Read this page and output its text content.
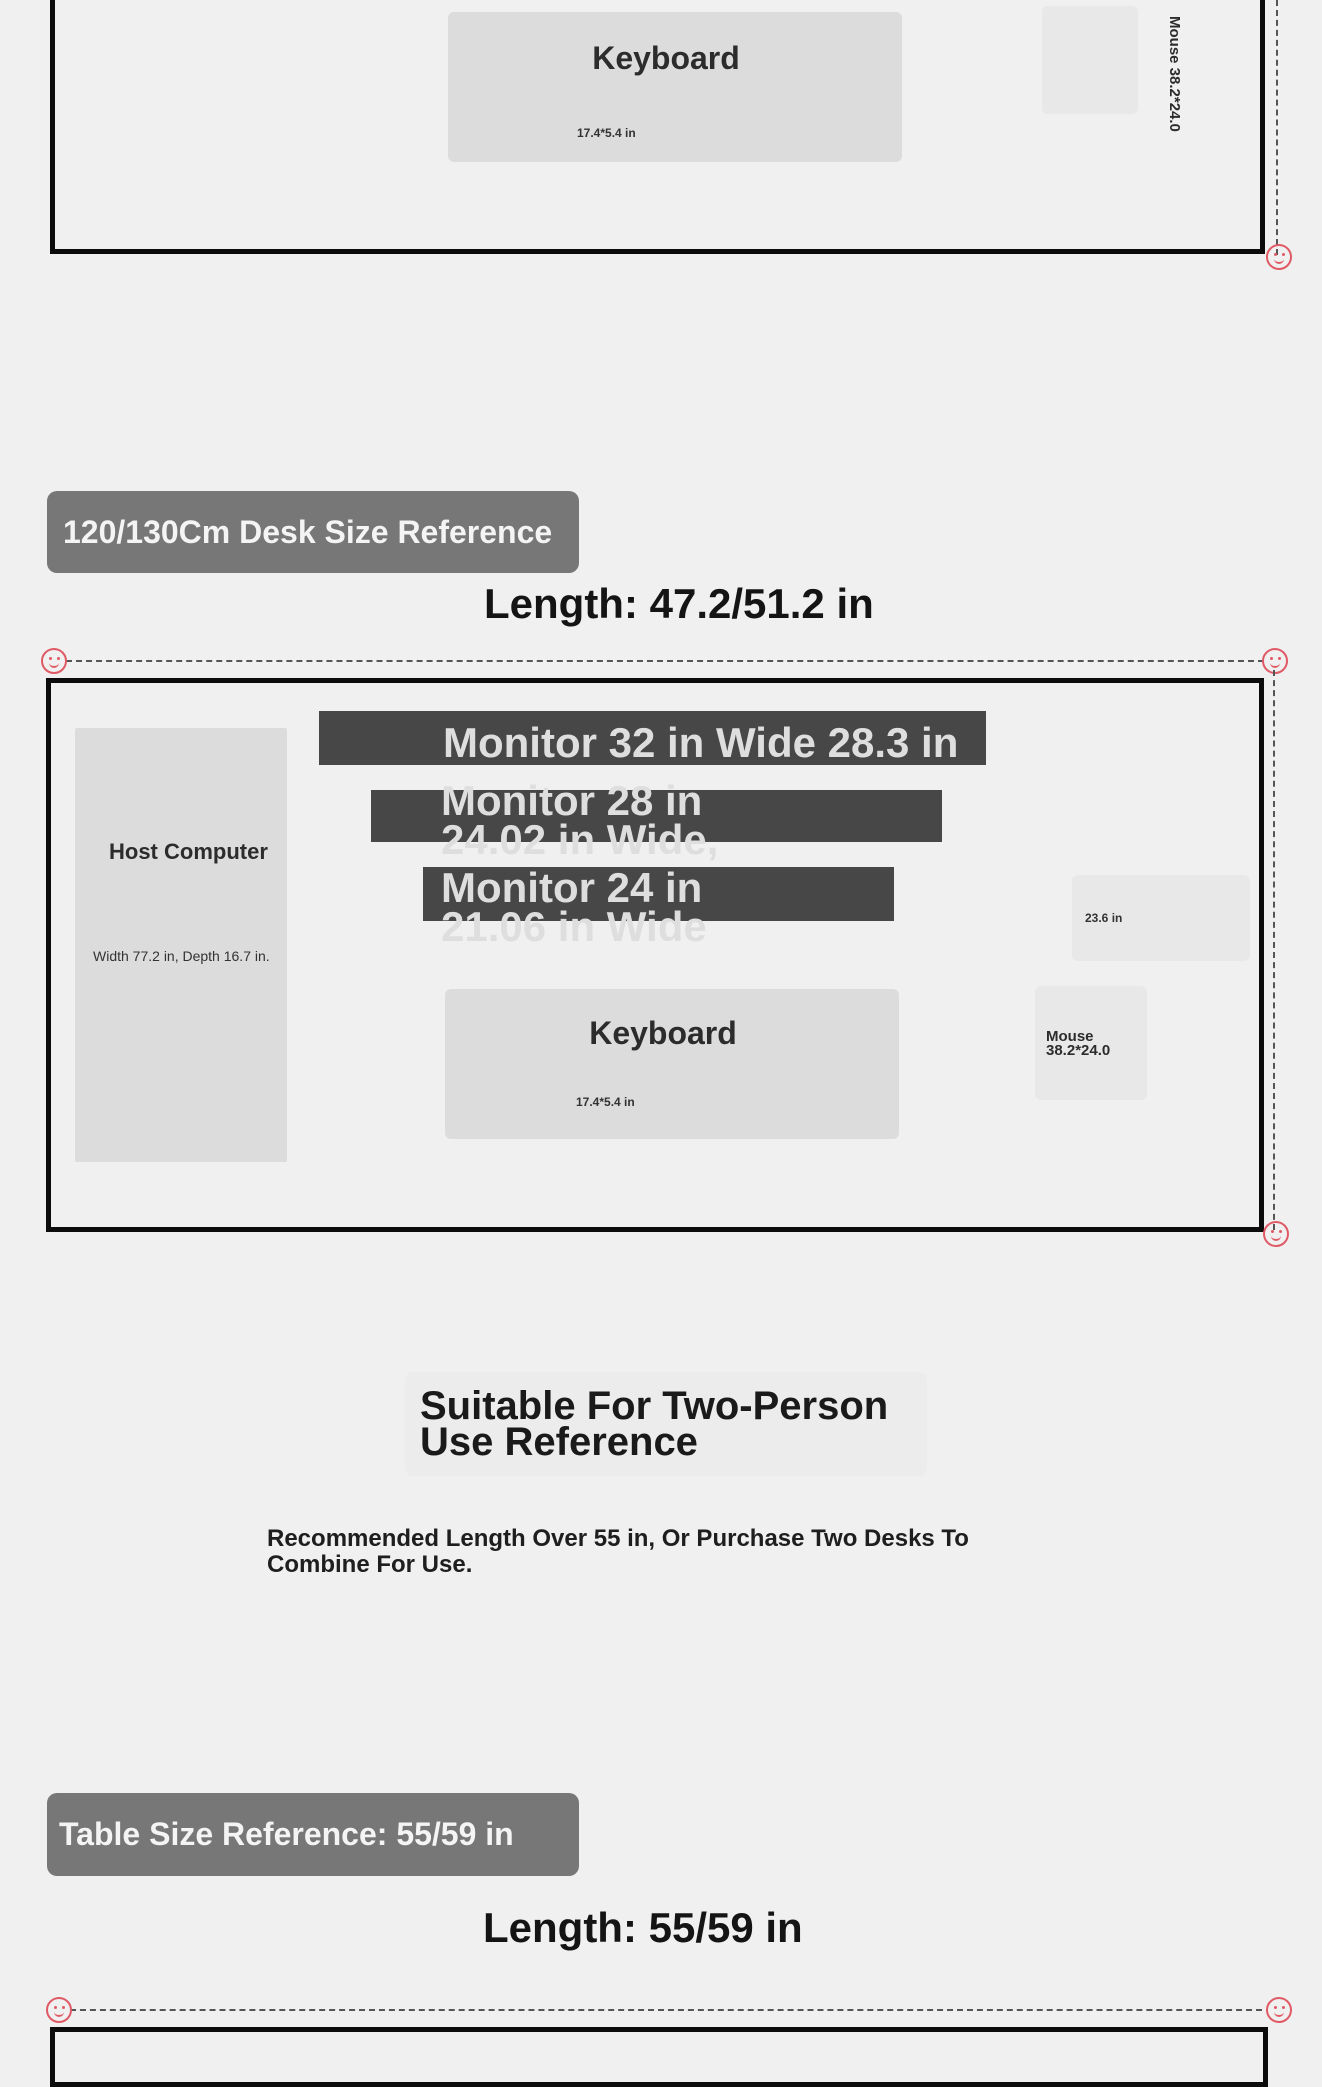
Keyboard
17.4*5.4 in
Mouse 38.2*24.0
120/130Cm Desk Size Reference
Length: 47.2/51.2 in
Host Computer
Width 77.2 in, Depth 16.7 in.
Monitor 32 in Wide 28.3 in
Monitor 28 in
24.02 in Wide,
Monitor 24 in
21.06 in Wide	23.6 in
Keyboard
17.4*5.4 in
Mouse
38.2*24.0
Suitable For Two-Person
Use Reference
Recommended Length Over 55 in, Or Purchase Two Desks To
Combine For Use.
Table Size Reference: 55/59 in
Length: 55/59 in
